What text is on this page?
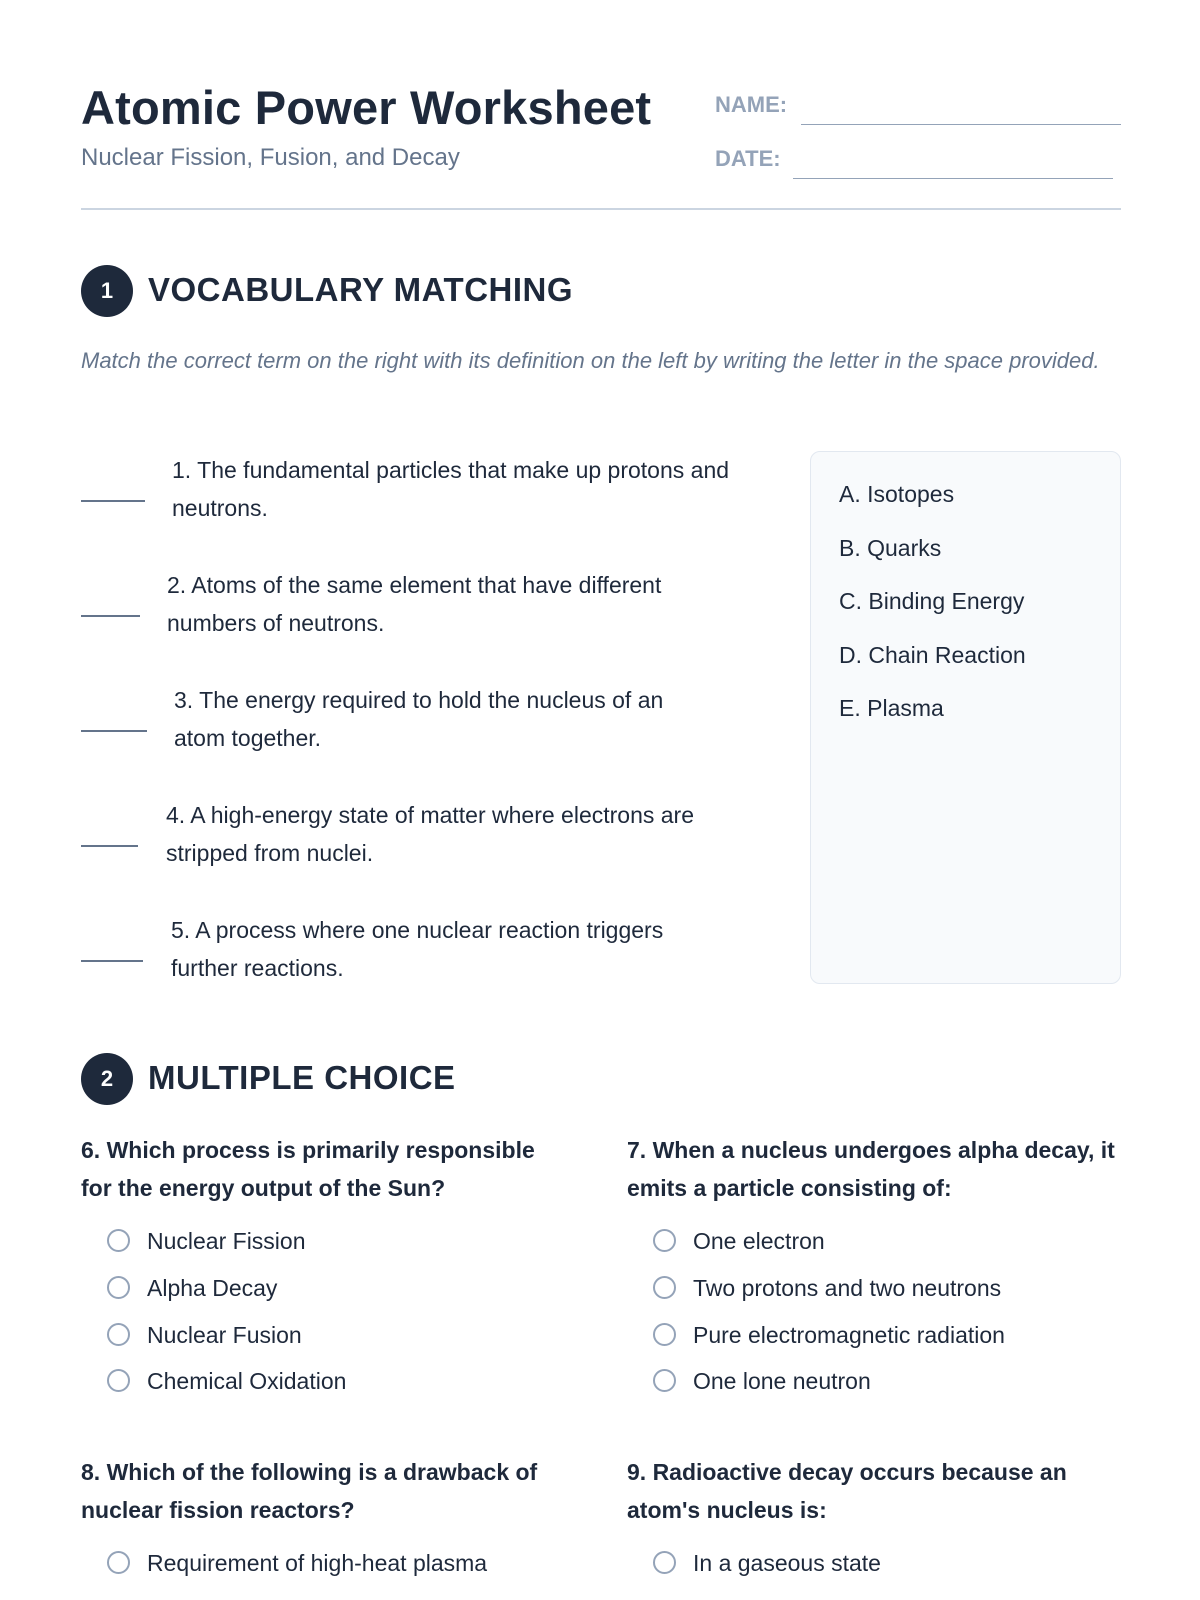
Atomic Power Worksheet
Nuclear Fission, Fusion, and Decay
NAME:
DATE:
1	VOCABULARY MATCHING
Match the correct term on the right with its definition on the left by writing the letter in the space provided.
1. The fundamental particles that make up protons and neutrons.
2. Atoms of the same element that have different numbers of neutrons.
3. The energy required to hold the nucleus of an atom together.
4. A high-energy state of matter where electrons are stripped from nuclei.
5. A process where one nuclear reaction triggers further reactions.
A. Isotopes
B. Quarks
C. Binding Energy
D. Chain Reaction
E. Plasma
2	MULTIPLE CHOICE
6. Which process is primarily responsible for the energy output of the Sun?
Nuclear Fission
Alpha Decay
Nuclear Fusion
Chemical Oxidation
7. When a nucleus undergoes alpha decay, it emits a particle consisting of:
One electron
Two protons and two neutrons
Pure electromagnetic radiation
One lone neutron
8. Which of the following is a drawback of nuclear fission reactors?
Requirement of high-heat plasma
9. Radioactive decay occurs because an atom's nucleus is:
In a gaseous state
